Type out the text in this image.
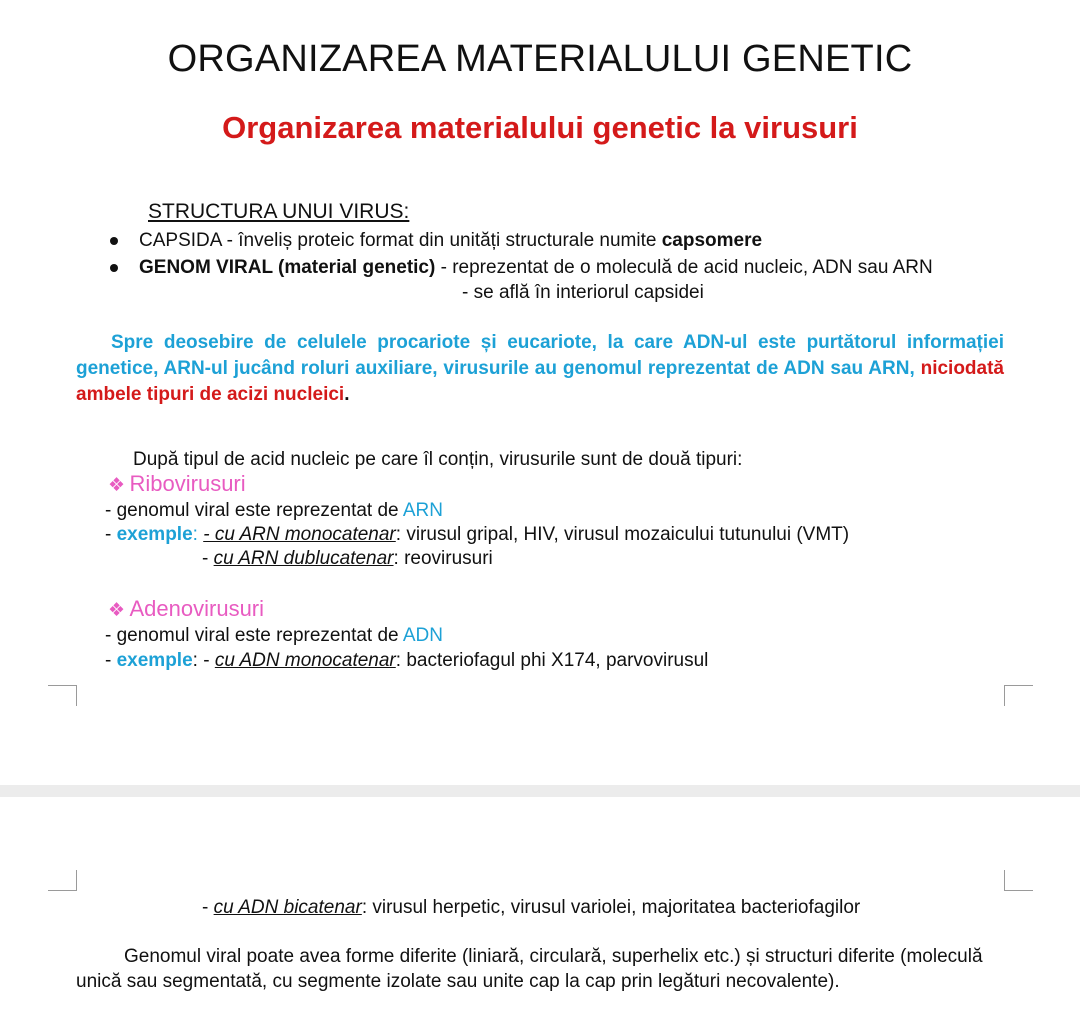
ORGANIZAREA MATERIALULUI GENETIC
Organizarea materialului genetic la virusuri
STRUCTURA UNUI VIRUS:
CAPSIDA - înveliș proteic format din unități structurale numite capsomere
GENOM VIRAL (material genetic) - reprezentat de o moleculă de acid nucleic, ADN sau ARN
- se află în interiorul capsidei
Spre deosebire de celulele procariote și eucariote, la care ADN-ul este purtătorul informației genetice, ARN-ul jucând roluri auxiliare, virusurile au genomul reprezentat de ADN sau ARN, niciodată ambele tipuri de acizi nucleici.
După tipul de acid nucleic pe care îl conțin, virusurile sunt de două tipuri:
❖ Ribovirusuri
- genomul viral este reprezentat de ARN
- exemple: - cu ARN monocatenar: virusul gripal, HIV, virusul mozaicului tutunului (VMT)
- cu ARN dublucatenar: reovirusuri
❖ Adenovirusuri
- genomul viral este reprezentat de ADN
- exemple: - cu ADN monocatenar: bacteriofagul phi X174, parvovirusul
- cu ADN bicatenar: virusul herpetic, virusul variolei, majoritatea bacteriofagilor
Genomul viral poate avea forme diferite (liniară, circulară, superhelix etc.) și structuri diferite (moleculă unică sau segmentată, cu segmente izolate sau unite cap la cap prin legături necovalente).
